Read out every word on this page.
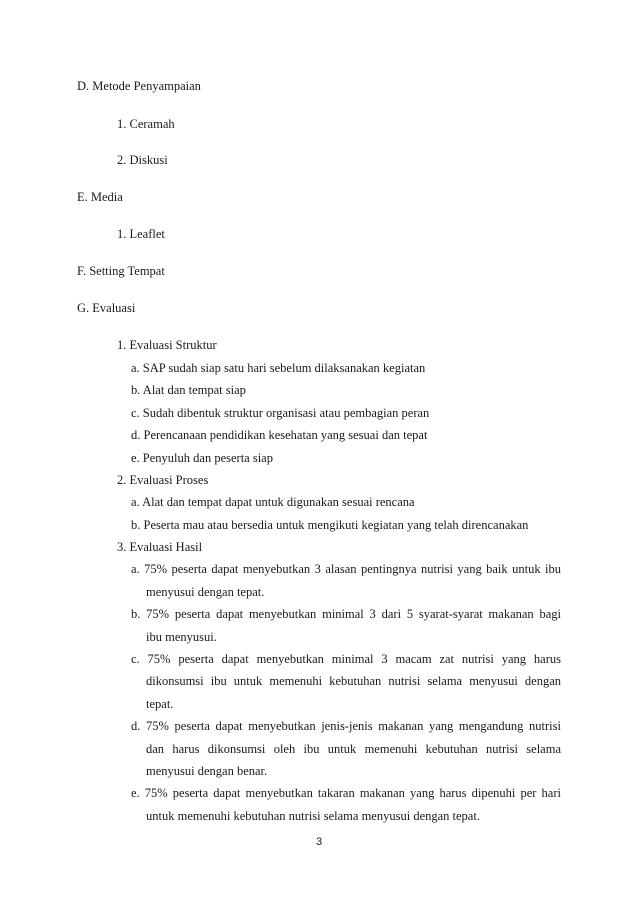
D. Metode Penyampaian
1. Ceramah
2. Diskusi
E. Media
1. Leaflet
F. Setting Tempat
G. Evaluasi
1. Evaluasi Struktur
a. SAP sudah siap satu hari sebelum dilaksanakan kegiatan
b. Alat dan tempat siap
c. Sudah dibentuk struktur organisasi atau pembagian peran
d. Perencanaan pendidikan kesehatan yang sesuai dan tepat
e. Penyuluh dan peserta siap
2. Evaluasi Proses
a. Alat dan tempat dapat untuk digunakan sesuai rencana
b. Peserta mau atau bersedia untuk mengikuti kegiatan yang telah direncanakan
3. Evaluasi Hasil
a. 75% peserta dapat menyebutkan 3 alasan pentingnya nutrisi yang baik untuk ibu
menyusui dengan tepat.
b. 75% peserta dapat menyebutkan minimal 3 dari 5 syarat-syarat makanan bagi
ibu menyusui.
c. 75% peserta dapat menyebutkan minimal 3 macam zat nutrisi yang harus
dikonsumsi ibu untuk memenuhi kebutuhan nutrisi selama menyusui dengan
tepat.
d. 75% peserta dapat menyebutkan jenis-jenis makanan yang mengandung nutrisi
dan harus dikonsumsi oleh ibu untuk memenuhi kebutuhan nutrisi selama
menyusui dengan benar.
e. 75% peserta dapat menyebutkan takaran makanan yang harus dipenuhi per hari
untuk memenuhi kebutuhan nutrisi selama menyusui dengan tepat.
3
